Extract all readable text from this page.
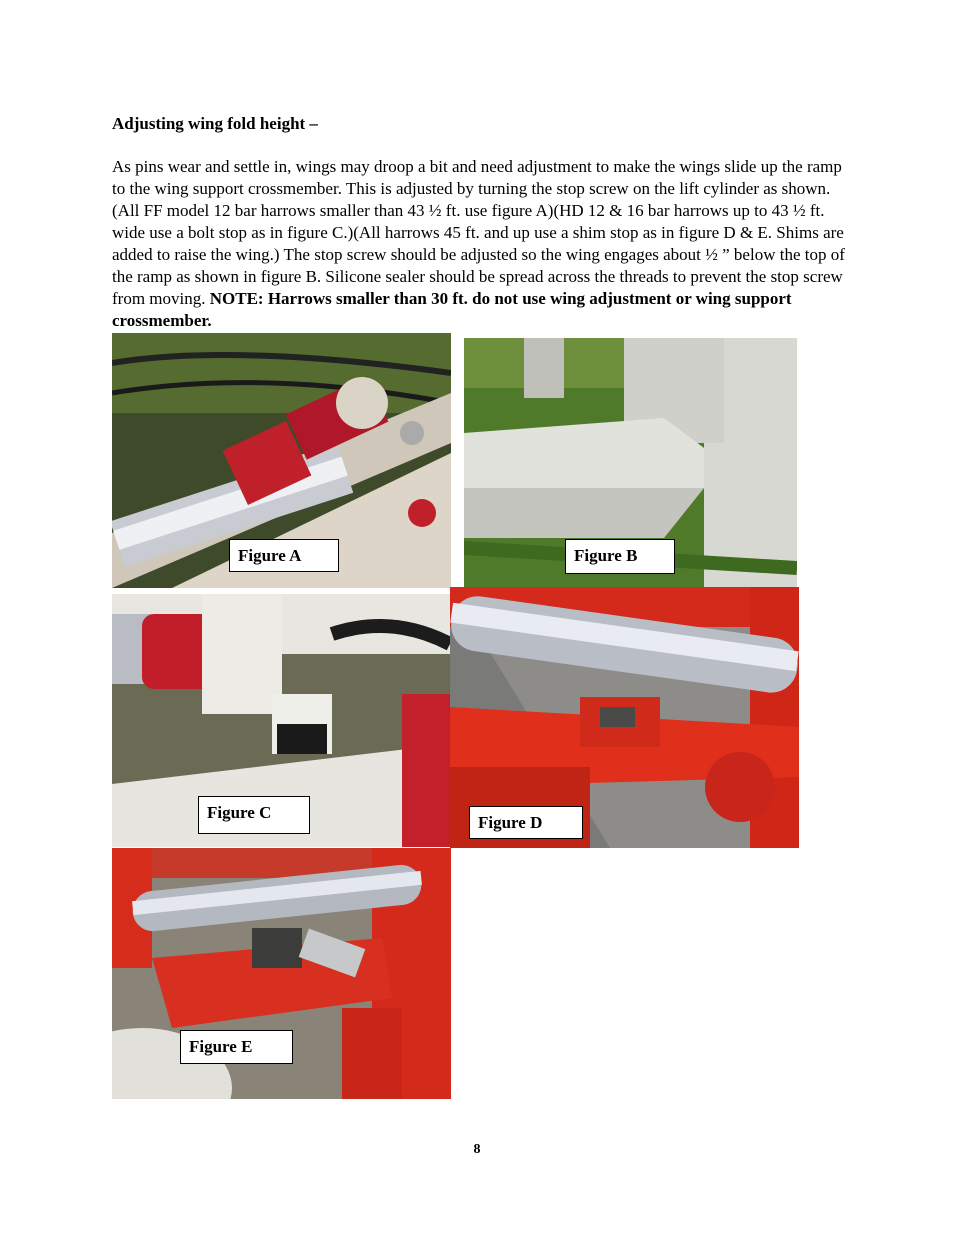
Adjusting wing fold height –
As pins wear and settle in, wings may droop a bit and need adjustment to make the wings slide up the ramp to the wing support crossmember. This is adjusted by turning the stop screw on the lift cylinder as shown. (All FF model 12 bar harrows smaller than 43 ½ ft. use figure A)(HD 12 & 16 bar harrows up to 43 ½ ft. wide use a bolt stop as in figure C.)(All harrows 45 ft. and up use a shim stop as in figure D & E. Shims are added to raise the wing.) The stop screw should be adjusted so the wing engages about ½ ” below the top of the ramp as shown in figure B. Silicone sealer should be spread across the threads to prevent the stop screw from moving. NOTE: Harrows smaller than 30 ft. do not use wing adjustment or wing support crossmember.
Figure A	Figure B
Figure C
Figure D
Figure E
8
